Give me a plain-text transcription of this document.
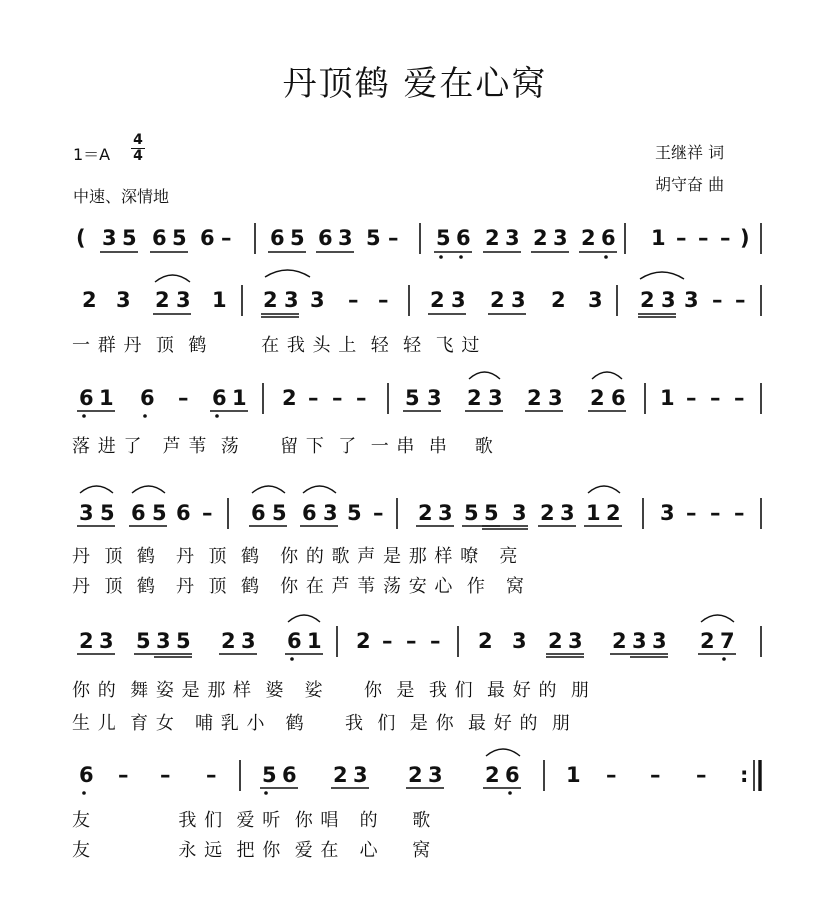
丹顶鹤 爱在心窝
1＝A
4
4
中速、深情地
王继祥 词
胡守奋 曲
( 3 5 6 5 6 – 6 5 6 3 5 – 5 6 2 3 2 3 2 6 1 – – – )
2 3 2 3 1 2 3 3 – – 2 3 2 3 2 3 2 3 3 – –
6 1 6 – 6 1 2 – – – 5 3 2 3 2 3 2 6 1 – – –
3 5 6 5 6 – 6 5 6 3 5 – 2 3 5 5 3 2 3 1 2 3 – – –
2 3 5 3 5 2 3 6 1 2 – – – 2 3 2 3 2 3 3 2 7
6 – – – 5 6 2 3 2 3 2 6 1 – – – :
一 群 丹  顶  鹤        在 我 头 上  轻  轻  飞 过
落 进 了   芦 苇  荡      留 下  了  一 串  串    歌
丹  顶  鹤   丹  顶  鹤   你 的 歌 声 是 那 样 嘹   亮
丹  顶  鹤   丹  顶  鹤   你 在 芦 苇 荡 安 心  作   窝
你 的  舞 姿 是 那 样  婆   娑      你  是  我 们  最 好 的  朋
生 儿  育 女   哺 乳 小   鹤      我  们  是 你  最 好 的  朋
友             我 们  爱 听  你 唱   的     歌
友             永 远  把 你  爱 在   心     窝
